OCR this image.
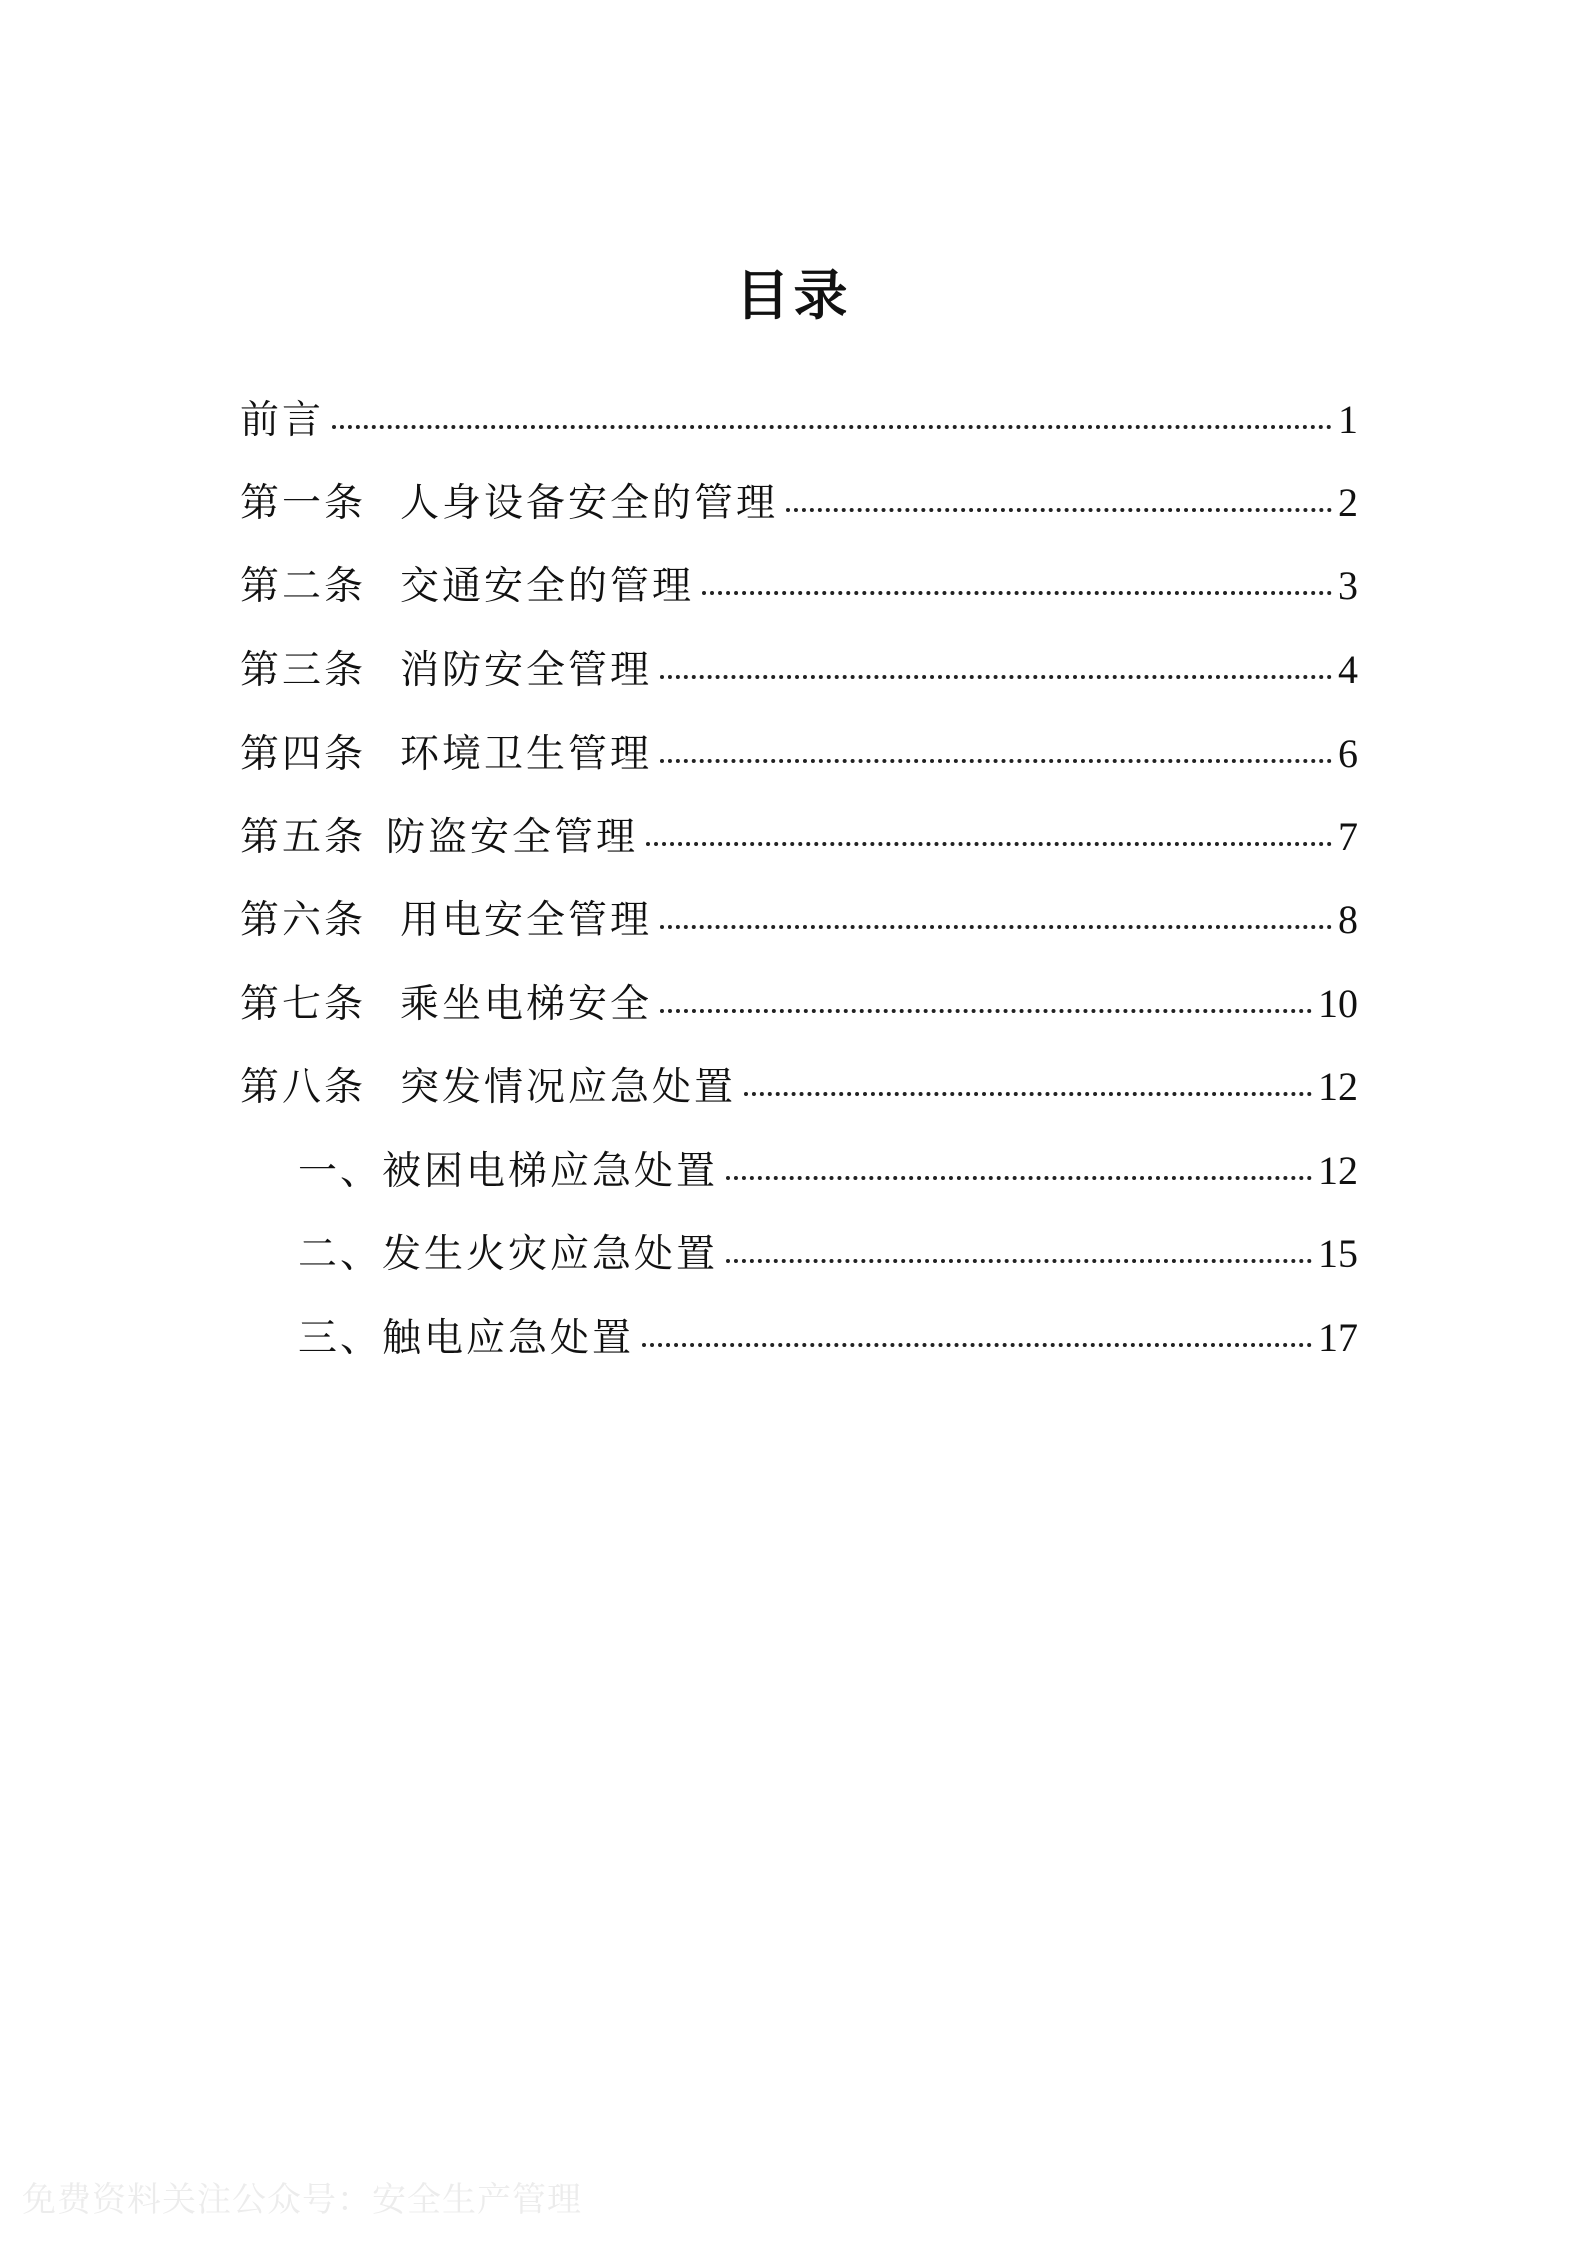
目录
前言	1
第一条 人身设备安全的管理	2
第二条 交通安全的管理	3
第三条 消防安全管理	4
第四条 环境卫生管理	6
第五条 防盗安全管理	7
第六条 用电安全管理	8
第七条 乘坐电梯安全	10
第八条 突发情况应急处置	12
一、被困电梯应急处置	12
二、发生火灾应急处置	15
三、触电应急处置	17
免费资料关注公众号：安全生产管理
